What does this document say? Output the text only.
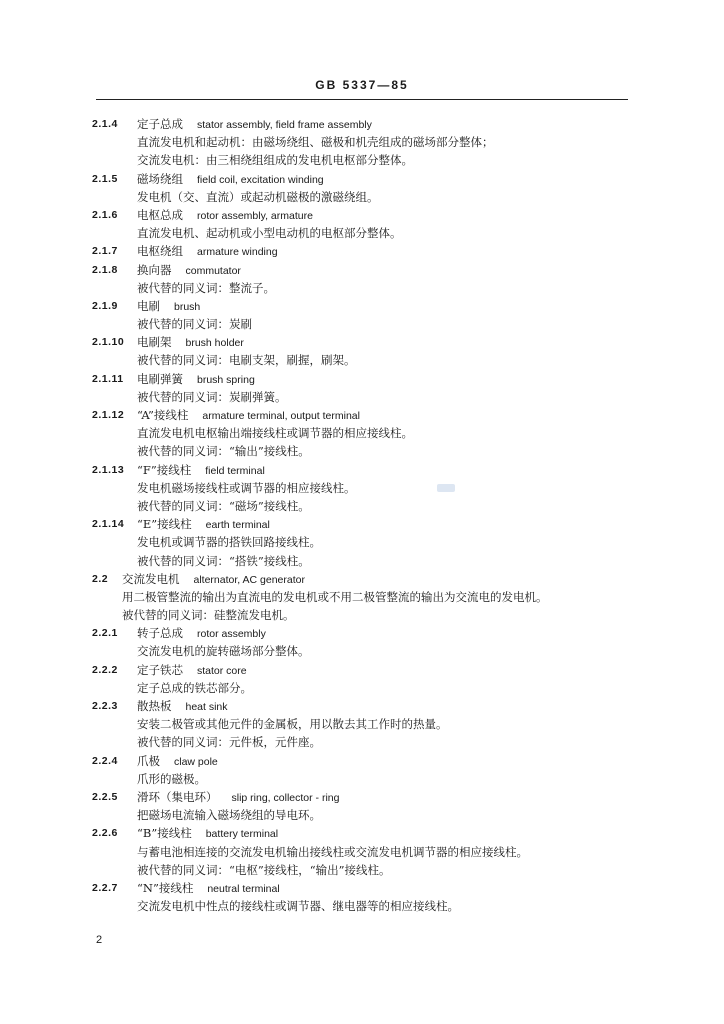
GB 5337—85
2.1.4 定子总成 stator assembly, field frame assembly
直流发电机和起动机：由磁场绕组、磁极和机壳组成的磁场部分整体；
交流发电机：由三相绕组组成的发电机电枢部分整体。
2.1.5 磁场绕组 field coil, excitation winding
发电机（交、直流）或起动机磁极的激磁绕组。
2.1.6 电枢总成 rotor assembly, armature
直流发电机、起动机或小型电动机的电枢部分整体。
2.1.7 电枢绕组 armature winding
2.1.8 换向器 commutator
被代替的同义词：整流子。
2.1.9 电刷 brush
被代替的同义词：炭刷
2.1.10 电刷架 brush holder
被代替的同义词：电刷支架，刷握，刷架。
2.1.11 电刷弹簧 brush spring
被代替的同义词：炭刷弹簧。
2.1.12 “A”接线柱 armature terminal, output terminal
直流发电机电枢输出端接线柱或调节器的相应接线柱。
被代替的同义词：“输出”接线柱。
2.1.13 “F”接线柱 field terminal
发电机磁场接线柱或调节器的相应接线柱。
被代替的同义词：“磁场”接线柱。
2.1.14 “E”接线柱 earth terminal
发电机或调节器的搭铁回路接线柱。
被代替的同义词：“搭铁”接线柱。
2.2 交流发电机 alternator, AC generator
用二极管整流的输出为直流电的发电机或不用二极管整流的输出为交流电的发电机。
被代替的同义词：硅整流发电机。
2.2.1 转子总成 rotor assembly
交流发电机的旋转磁场部分整体。
2.2.2 定子铁芯 stator core
定子总成的铁芯部分。
2.2.3 散热板 heat sink
安装二极管或其他元件的金属板，用以散去其工作时的热量。
被代替的同义词：元件板，元件座。
2.2.4 爪极 claw pole
爪形的磁极。
2.2.5 滑环（集电环） slip ring, collector - ring
把磁场电流输入磁场绕组的导电环。
2.2.6 “B”接线柱 battery terminal
与蓄电池相连接的交流发电机输出接线柱或交流发电机调节器的相应接线柱。
被代替的同义词：“电枢”接线柱，“输出”接线柱。
2.2.7 “N”接线柱 neutral terminal
交流发电机中性点的接线柱或调节器、继电器等的相应接线柱。
2
